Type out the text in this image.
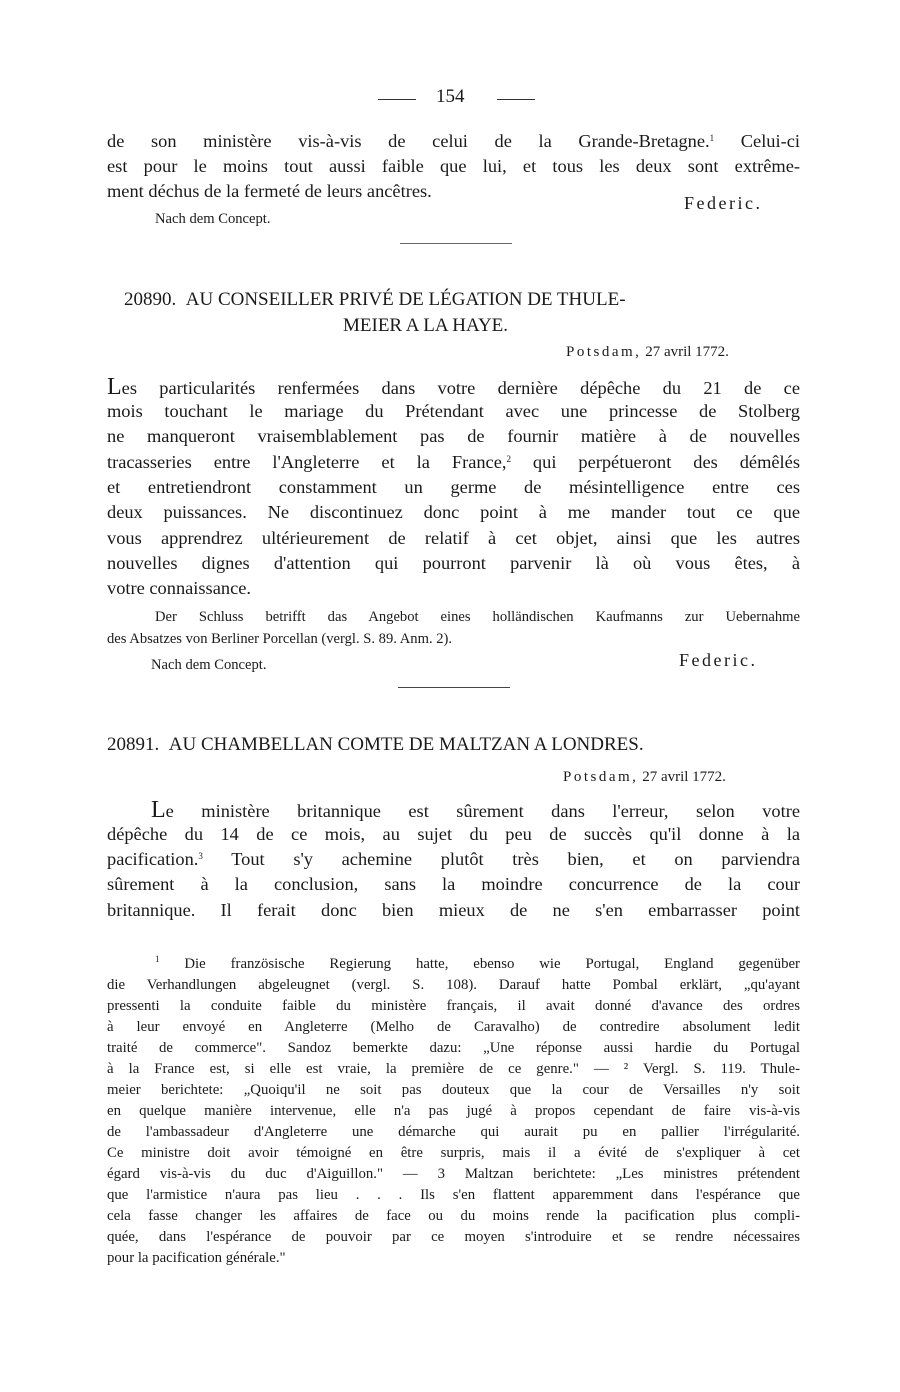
154
de son ministère vis-à-vis de celui de la Grande-Bretagne.$^1$ Celui-ci
est pour le moins tout aussi faible que lui, et tous les deux sont extrême-
ment déchus de la fermeté de leurs ancêtres.
Federic.
Nach dem Concept.
20890. AU CONSEILLER PRIVÉ DE LÉGATION DE THULE-
MEIER A LA HAYE.
Potsdam, 27 avril 1772.
Les particularités renfermées dans votre dernière dépêche du 21 de ce
mois touchant le mariage du Prétendant avec une princesse de Stolberg
ne manqueront vraisemblablement pas de fournir matière à de nouvelles
tracasseries entre l'Angleterre et la France,$^2$ qui perpétueront des démêlés
et entretiendront constamment un germe de mésintelligence entre ces
deux puissances. Ne discontinuez donc point à me mander tout ce que
vous apprendrez ultérieurement de relatif à cet objet, ainsi que les autres
nouvelles dignes d'attention qui pourront parvenir là où vous êtes, à
votre connaissance.
Der Schluss betrifft das Angebot eines holländischen Kaufmanns zur Uebernahme
des Absatzes von Berliner Porcellan (vergl. S. 89. Anm. 2).
Nach dem Concept.	Federic.
20891. AU CHAMBELLAN COMTE DE MALTZAN A LONDRES.
Potsdam, 27 avril 1772.
Le ministère britannique est sûrement dans l'erreur, selon votre
dépêche du 14 de ce mois, au sujet du peu de succès qu'il donne à la
pacification.$^3$ Tout s'y achemine plutôt très bien, et on parviendra
sûrement à la conclusion, sans la moindre concurrence de la cour
britannique. Il ferait donc bien mieux de ne s'en embarrasser point
$^1$ Die französische Regierung hatte, ebenso wie Portugal, England gegenüber
die Verhandlungen abgeleugnet (vergl. S. 108). Darauf hatte Pombal erklärt, „qu'ayant
pressenti la conduite faible du ministère français, il avait donné d'avance des ordres
à leur envoyé en Angleterre (Melho de Caravalho) de contredire absolument ledit
traité de commerce". Sandoz bemerkte dazu: „Une réponse aussi hardie du Portugal
à la France est, si elle est vraie, la première de ce genre." — ² Vergl. S. 119. Thule-
meier berichtete: „Quoiqu'il ne soit pas douteux que la cour de Versailles n'y soit
en quelque manière intervenue, elle n'a pas jugé à propos cependant de faire vis-à-vis
de l'ambassadeur d'Angleterre une démarche qui aurait pu en pallier l'irrégularité.
Ce ministre doit avoir témoigné en être surpris, mais il a évité de s'expliquer à cet
égard vis-à-vis du duc d'Aiguillon." — 3 Maltzan berichtete: „Les ministres prétendent
que l'armistice n'aura pas lieu . . . Ils s'en flattent apparemment dans l'espérance que
cela fasse changer les affaires de face ou du moins rende la pacification plus compli-
quée, dans l'espérance de pouvoir par ce moyen s'introduire et se rendre nécessaires
pour la pacification générale."
